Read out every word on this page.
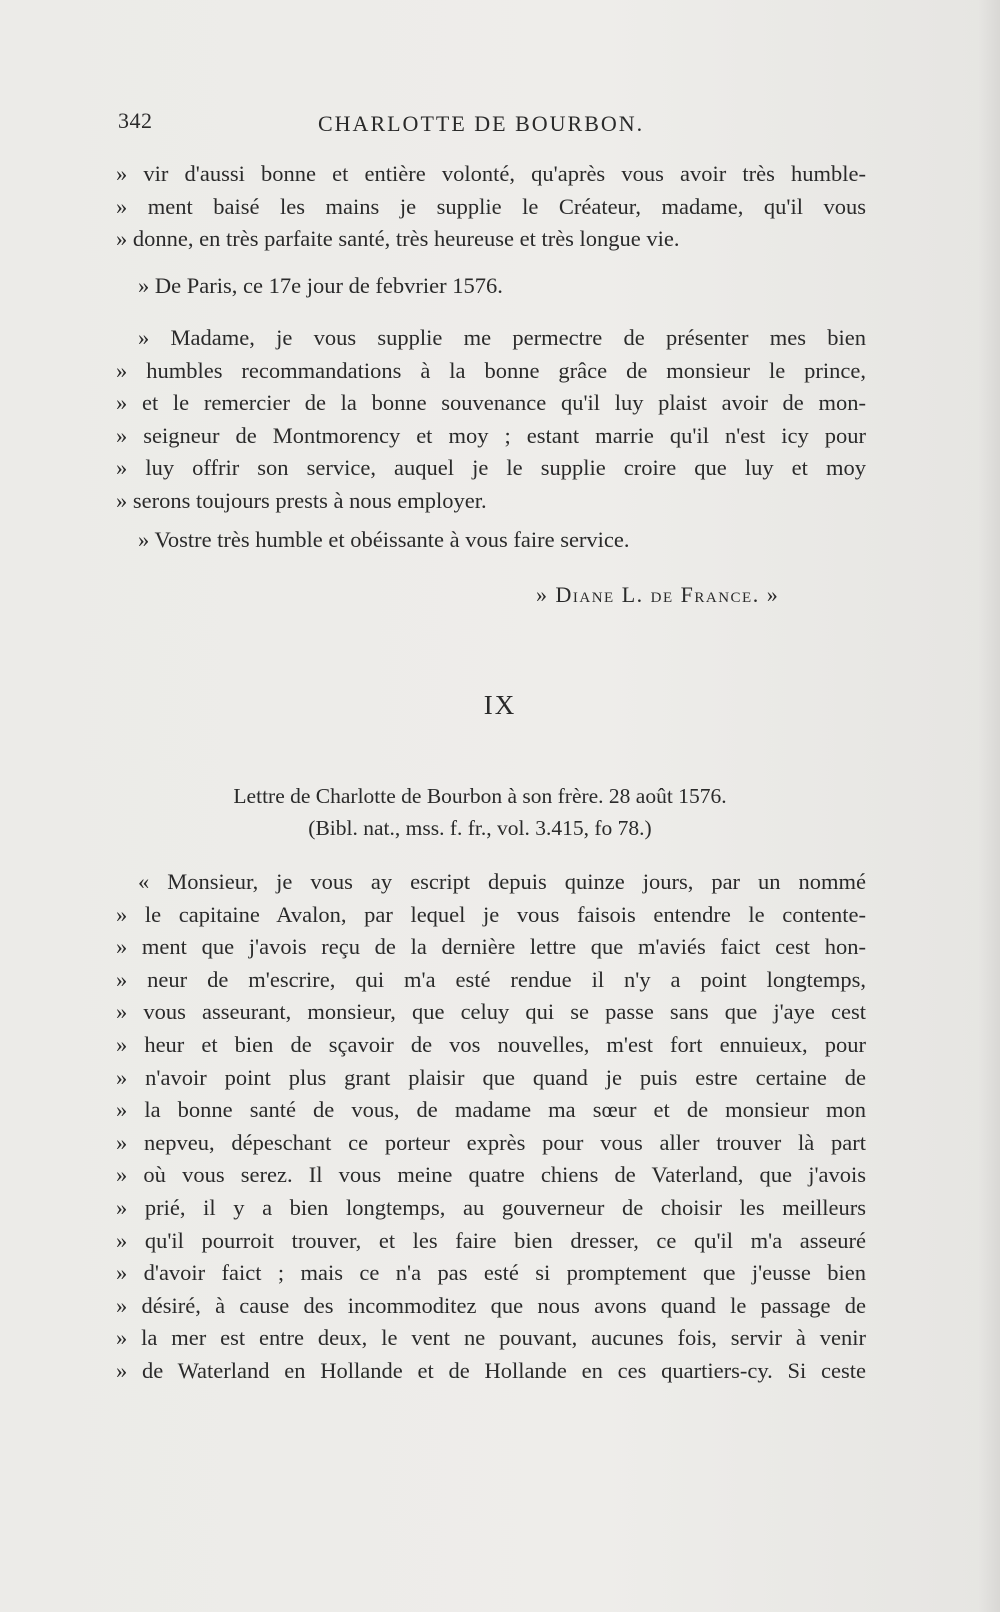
342	CHARLOTTE DE BOURBON.
» vir d'aussi bonne et entière volonté, qu'après vous avoir très humble-
» ment baisé les mains je supplie le Créateur, madame, qu'il vous
» donne, en très parfaite santé, très heureuse et très longue vie.
» De Paris, ce 17e jour de febvrier 1576.
» Madame, je vous supplie me permectre de présenter mes bien
» humbles recommandations à la bonne grâce de monsieur le prince,
» et le remercier de la bonne souvenance qu'il luy plaist avoir de mon-
» seigneur de Montmorency et moy ; estant marrie qu'il n'est icy pour
» luy offrir son service, auquel je le supplie croire que luy et moy
» serons toujours prests à nous employer.
» Vostre très humble et obéissante à vous faire service.
» Diane L. de France. »
IX
Lettre de Charlotte de Bourbon à son frère. 28 août 1576.
(Bibl. nat., mss. f. fr., vol. 3.415, fo 78.)
« Monsieur, je vous ay escript depuis quinze jours, par un nommé
» le capitaine Avalon, par lequel je vous faisois entendre le contente-
» ment que j'avois reçu de la dernière lettre que m'aviés faict cest hon-
» neur de m'escrire, qui m'a esté rendue il n'y a point longtemps,
» vous asseurant, monsieur, que celuy qui se passe sans que j'aye cest
» heur et bien de sçavoir de vos nouvelles, m'est fort ennuieux, pour
» n'avoir point plus grant plaisir que quand je puis estre certaine de
» la bonne santé de vous, de madame ma sœur et de monsieur mon
» nepveu, dépeschant ce porteur exprès pour vous aller trouver là part
» où vous serez. Il vous meine quatre chiens de Vaterland, que j'avois
» prié, il y a bien longtemps, au gouverneur de choisir les meilleurs
» qu'il pourroit trouver, et les faire bien dresser, ce qu'il m'a asseuré
» d'avoir faict ; mais ce n'a pas esté si promptement que j'eusse bien
» désiré, à cause des incommoditez que nous avons quand le passage de
» la mer est entre deux, le vent ne pouvant, aucunes fois, servir à venir
» de Waterland en Hollande et de Hollande en ces quartiers-cy. Si ceste
